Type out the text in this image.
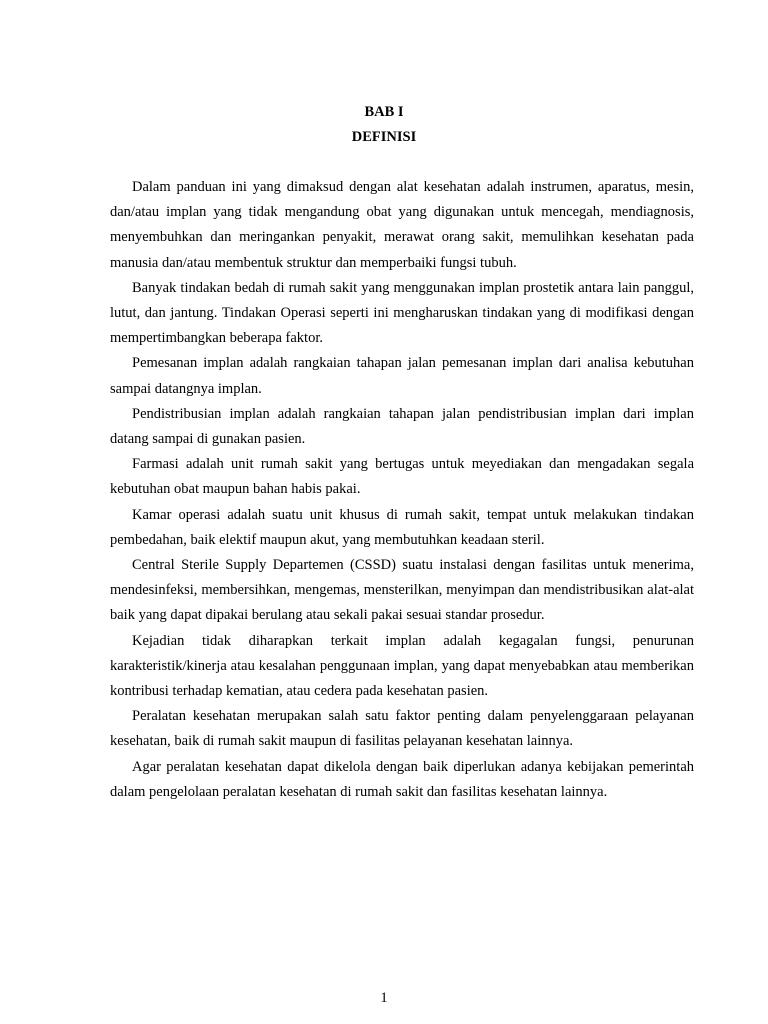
BAB I
DEFINISI

Dalam panduan ini yang dimaksud dengan alat kesehatan adalah instrumen, aparatus, mesin, dan/atau implan yang tidak mengandung obat yang digunakan untuk mencegah, mendiagnosis, menyembuhkan dan meringankan penyakit, merawat orang sakit, memulihkan kesehatan pada manusia dan/atau membentuk struktur dan memperbaiki fungsi tubuh.

Banyak tindakan bedah di rumah sakit yang menggunakan implan prostetik antara lain panggul, lutut, dan jantung. Tindakan Operasi seperti ini mengharuskan tindakan yang di modifikasi dengan mempertimbangkan beberapa faktor.

Pemesanan implan adalah rangkaian tahapan jalan pemesanan implan dari analisa kebutuhan sampai datangnya implan.

Pendistribusian implan adalah rangkaian tahapan jalan pendistribusian implan dari implan datang sampai di gunakan pasien.

Farmasi adalah unit rumah sakit yang bertugas untuk meyediakan dan mengadakan segala kebutuhan obat maupun bahan habis pakai.

Kamar operasi adalah suatu unit khusus di rumah sakit, tempat untuk melakukan tindakan pembedahan, baik elektif maupun akut, yang membutuhkan keadaan steril.

Central Sterile Supply Departemen (CSSD) suatu instalasi dengan fasilitas untuk menerima, mendesinfeksi, membersihkan, mengemas, mensterilkan, menyimpan dan mendistribusikan alat-alat baik yang dapat dipakai berulang atau sekali pakai sesuai standar prosedur.

Kejadian tidak diharapkan terkait implan adalah kegagalan fungsi, penurunan karakteristik/kinerja atau kesalahan penggunaan implan, yang dapat menyebabkan atau memberikan kontribusi terhadap kematian, atau cedera pada kesehatan pasien.

Peralatan kesehatan merupakan salah satu faktor penting dalam penyelenggaraan pelayanan kesehatan, baik di rumah sakit maupun di fasilitas pelayanan kesehatan lainnya.

Agar peralatan kesehatan dapat dikelola dengan baik diperlukan adanya kebijakan pemerintah dalam pengelolaan peralatan kesehatan di rumah sakit dan fasilitas kesehatan lainnya.

1
